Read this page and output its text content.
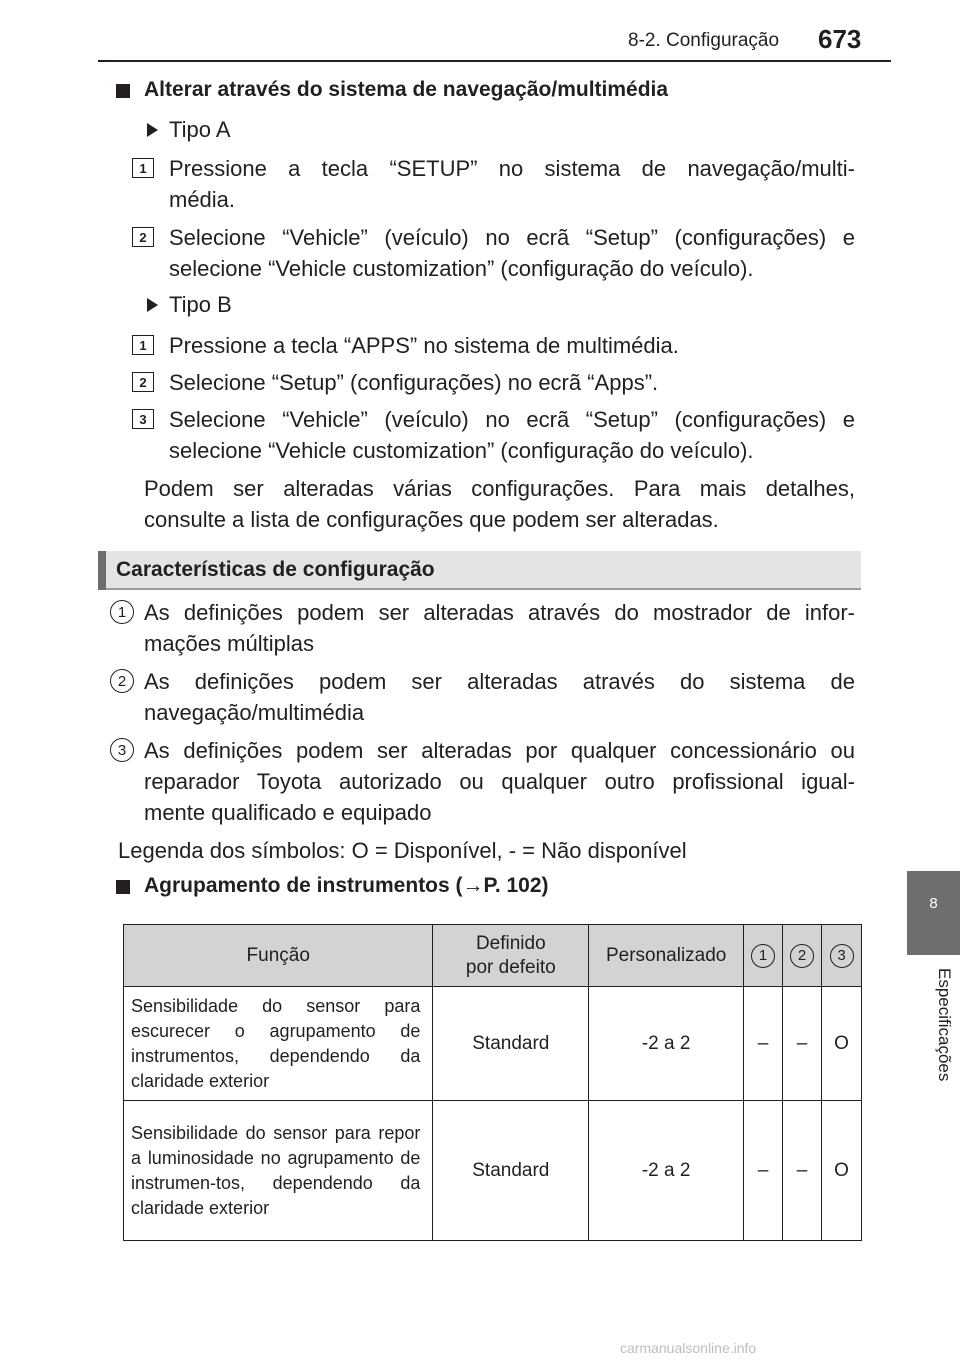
8-2. Configuração 673
8
Especificações
Alterar através do sistema de navegação/multimédia
Tipo A
1	Pressione a tecla “SETUP” no sistema de navegação/multi-
média.
2	Selecione “Vehicle” (veículo) no ecrã “Setup” (configurações) e
selecione “Vehicle customization” (configuração do veículo).
Tipo B
1	Pressione a tecla “APPS” no sistema de multimédia.
2	Selecione “Setup” (configurações) no ecrã “Apps”.
3	Selecione “Vehicle” (veículo) no ecrã “Setup” (configurações) e
selecione “Vehicle customization” (configuração do veículo).
Podem ser alteradas várias configurações. Para mais detalhes,
consulte a lista de configurações que podem ser alteradas.
Características de configuração
1 As definições podem ser alteradas através do mostrador de infor-
mações múltiplas
2 As definições podem ser alteradas através do sistema de
navegação/multimédia
3 As definições podem ser alteradas por qualquer concessionário ou
reparador Toyota autorizado ou qualquer outro profissional igual-
mente qualificado e equipado
Legenda dos símbolos: O = Disponível, - = Não disponível
Agrupamento de instrumentos (→P. 102)
Função	Definido por defeito	Personalizado	1	2	3
Sensibilidade do sensor para escurecer o agrupamento de instrumentos, dependendo da claridade exterior	Standard	-2 a 2	–	–	O
Sensibilidade do sensor para repor a luminosidade no agrupamento de instrumen-tos, dependendo da claridade exterior	Standard	-2 a 2	–	–	O
carmanualsonline.info
